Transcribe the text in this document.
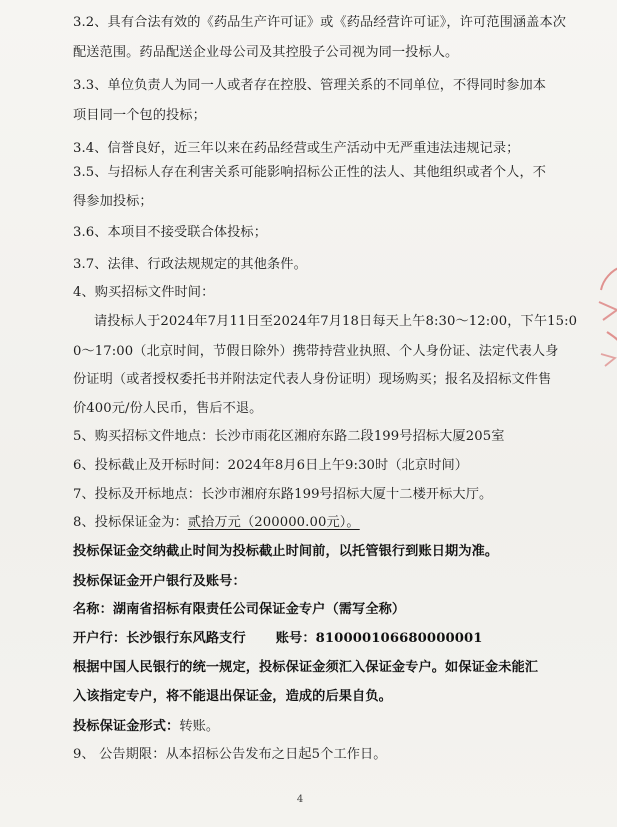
3.2、具有合法有效的《药品生产许可证》或《药品经营许可证》，许可范围涵盖本次
配送范围。药品配送企业母公司及其控股子公司视为同一投标人。
3.3、单位负责人为同一人或者存在控股、管理关系的不同单位，不得同时参加本
项目同一个包的投标；
3.4、信誉良好，近三年以来在药品经营或生产活动中无严重违法违规记录；
3.5、与招标人存在利害关系可能影响招标公正性的法人、其他组织或者个人，不
得参加投标；
3.6、本项目不接受联合体投标；
3.7、法律、行政法规规定的其他条件。
4、购买招标文件时间：
请投标人于2024年7月11日至2024年7月18日每天上午8:30～12:00，下午15:0
0～17:00（北京时间，节假日除外）携带持营业执照、个人身份证、法定代表人身
份证明（或者授权委托书并附法定代表人身份证明）现场购买；报名及招标文件售
价400元/份人民币，售后不退。
5、购买招标文件地点：长沙市雨花区湘府东路二段199号招标大厦205室
6、投标截止及开标时间：2024年8月6日上午9:30时（北京时间）
7、投标及开标地点：长沙市湘府东路199号招标大厦十二楼开标大厅。
8、投标保证金为：贰拾万元（200000.00元）。
投标保证金交纳截止时间为投标截止时间前，以托管银行到账日期为准。
投标保证金开户银行及账号：
名称：湖南省招标有限责任公司保证金专户（需写全称）
开户行：长沙银行东风路支行 账号：810000106680000001
根据中国人民银行的统一规定，投标保证金须汇入保证金专户。如保证金未能汇
入该指定专户，将不能退出保证金，造成的后果自负。
投标保证金形式：转账。
9、 公告期限：从本招标公告发布之日起5个工作日。
4
